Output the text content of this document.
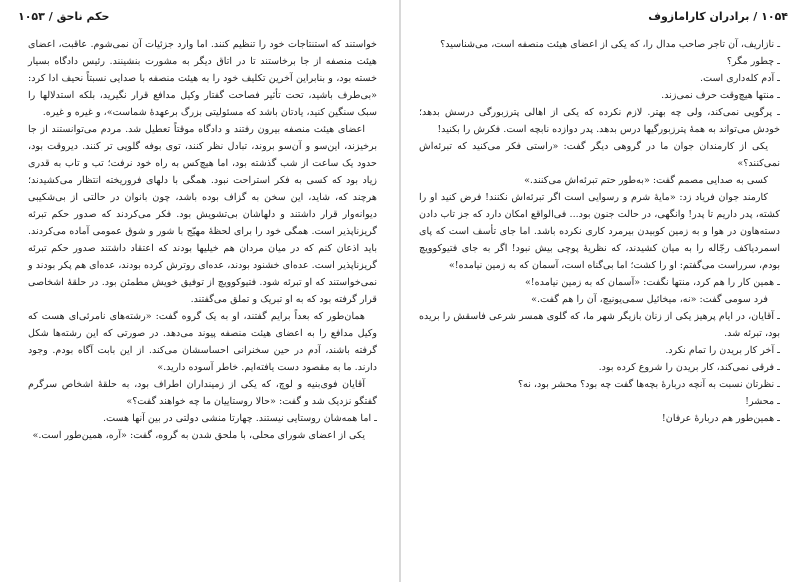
حکم ناحق / ۱۰۵۳

خواستند که استنتاجات خود را تنظیم کنند. اما وارد جزئیات آن نمی‌شوم. عاقبت، اعضای هیئت منصفه از جا برخاستند تا در اتاق دیگر به مشورت بنشینند. رئیس دادگاه بسیار خسته بود، و بنابراین آخرین تکلیف خود را به هیئت منصفه با صدایی نسبتاً نحیف ادا کرد: «بی‌طرف باشید، تحت تأثیر فصاحت گفتار وکیل مدافع قرار نگیرید، بلکه استدلالها را سبک سنگین کنید، یادتان باشد که مسئولیتی بزرگ برعهدهٔ شماست»، و غیره و غیره.

اعضای هیئت منصفه بیرون رفتند و دادگاه موقتاً تعطیل شد. مردم می‌توانستند از جا برخیزند، این‌سو و آن‌سو بروند، تبادل نظر کنند، توی بوفه گلویی تر کنند. دیروقت بود، حدود یک ساعت از شب گذشته بود، اما هیچ‌کس به راه خود نرفت؛ تب و تاب به قدری زیاد بود که کسی به فکر استراحت نبود. همگی با دلهای فروریخته انتظار می‌کشیدند؛ هرچند که، شاید، این سخن به گزاف بوده باشد، چون بانوان در حالتی از بی‌شکیبی دیوانه‌وار قرار داشتند و دلهاشان بی‌تشویش بود. فکر می‌کردند که صدور حکم تبرئه گریزناپذیر است. همگی خود را برای لحظهٔ مهیّج با شور و شوق عمومی آماده می‌کردند. باید اذعان کنم که در میان مردان هم خیلیها بودند که اعتقاد داشتند صدور حکم تبرئه گریزناپذیر است. عده‌ای خشنود بودند، عده‌ای روترش کرده بودند، عده‌ای هم پکر بودند و نمی‌خواستند که او تبرئه شود. فتیوکوویچ از توفیق خویش مطمئن بود. در حلقهٔ اشخاصی قرار گرفته بود که به او تبریک و تملق می‌گفتند.

همان‌طور که بعداً برایم گفتند، او به یک گروه گفت: «رشته‌های نامرئی‌ای هست که وکیل مدافع را به اعضای هیئت منصفه پیوند می‌دهد. در صورتی که این رشته‌ها شکل گرفته باشند، آدم در حین سخنرانی احساسشان می‌کند. از این بابت آگاه بودم. وجود دارند. ما به مقصود دست یافته‌ایم. خاطر آسوده دارید.»

آقایان فوی‌بنیه و لوچ، که یکی از زمینداران اطراف بود، به حلقهٔ اشخاص سرگرم گفتگو نزدیک شد و گفت: «حالا روستاییان ما چه خواهند گفت؟»

ـ اما همه‌شان روستایی نیستند. چهارتا منشی دولتی در بین آنها هست.

یکی از اعضای شورای محلی، با ملحق شدن به گروه، گفت: «آره، همین‌طور است.»

۱۰۵۴ / برادران کارامازوف

ـ نازاریف، آن تاجر صاحب مدال را، که یکی از اعضای هیئت منصفه است، می‌شناسید؟

ـ چطور مگر؟

ـ آدم کله‌داری است.

ـ منتها هیچ‌وقت حرف نمی‌زند.

ـ پرگویی نمی‌کند، ولی چه بهتر. لازم نکرده که یکی از اهالی پترزبورگی درسش بدهد؛ خودش می‌تواند به همهٔ پترزبورگیها درس بدهد. پدر دوازده نابچه است. فکرش را بکنید!

یکی از کارمندان جوان ما در گروهی دیگر گفت: «راستی فکر می‌کنید که تبرئه‌اش نمی‌کنند؟»

کسی به صدایی مصمم گفت: «به‌طور حتم تبرئه‌اش می‌کنند.»

کارمند جوان فریاد زد: «مایهٔ شرم و رسوایی است اگر تبرئه‌اش نکنند! فرض کنید او را کشته، پدر داریم تا پدر! وانگهی، در حالت جنون بود... فی‌الواقع امکان دارد که جز تاب دادن دسته‌هاون در هوا و به زمین کوبیدن بیرمرد کاری نکرده باشد. اما جای تأسف است که پای اسمردیاکف رجّاله را به میان کشیدند، که نظریهٔ پوچی بیش نبود! اگر به جای فتیوکوویچ بودم، سرراست می‌گفتم: او را کشت؛ اما بی‌گناه است، آسمان که به زمین نیامده!»

ـ همین کار را هم کرد، منتها نگفت: «آسمان که به زمین نیامده!»

فرد سومی گفت: «نه، میخائیل سمی‌یونیچ، آن را هم گفت.»

ـ آقایان، در ایام پرهیز یکی از زنان بازیگر شهر ما، که گلوی همسر شرعی فاسقش را بریده بود، تبرئه شد.

ـ آخر کار بریدن را تمام نکرد.

ـ فرقی نمی‌کند، کار بریدن را شروع کرده بود.

ـ نظرتان نسبت به آنچه دربارهٔ بچه‌ها گفت چه بود؟ محشر بود، نه؟

ـ محشر!

ـ همین‌طور هم دربارهٔ عرفان!
